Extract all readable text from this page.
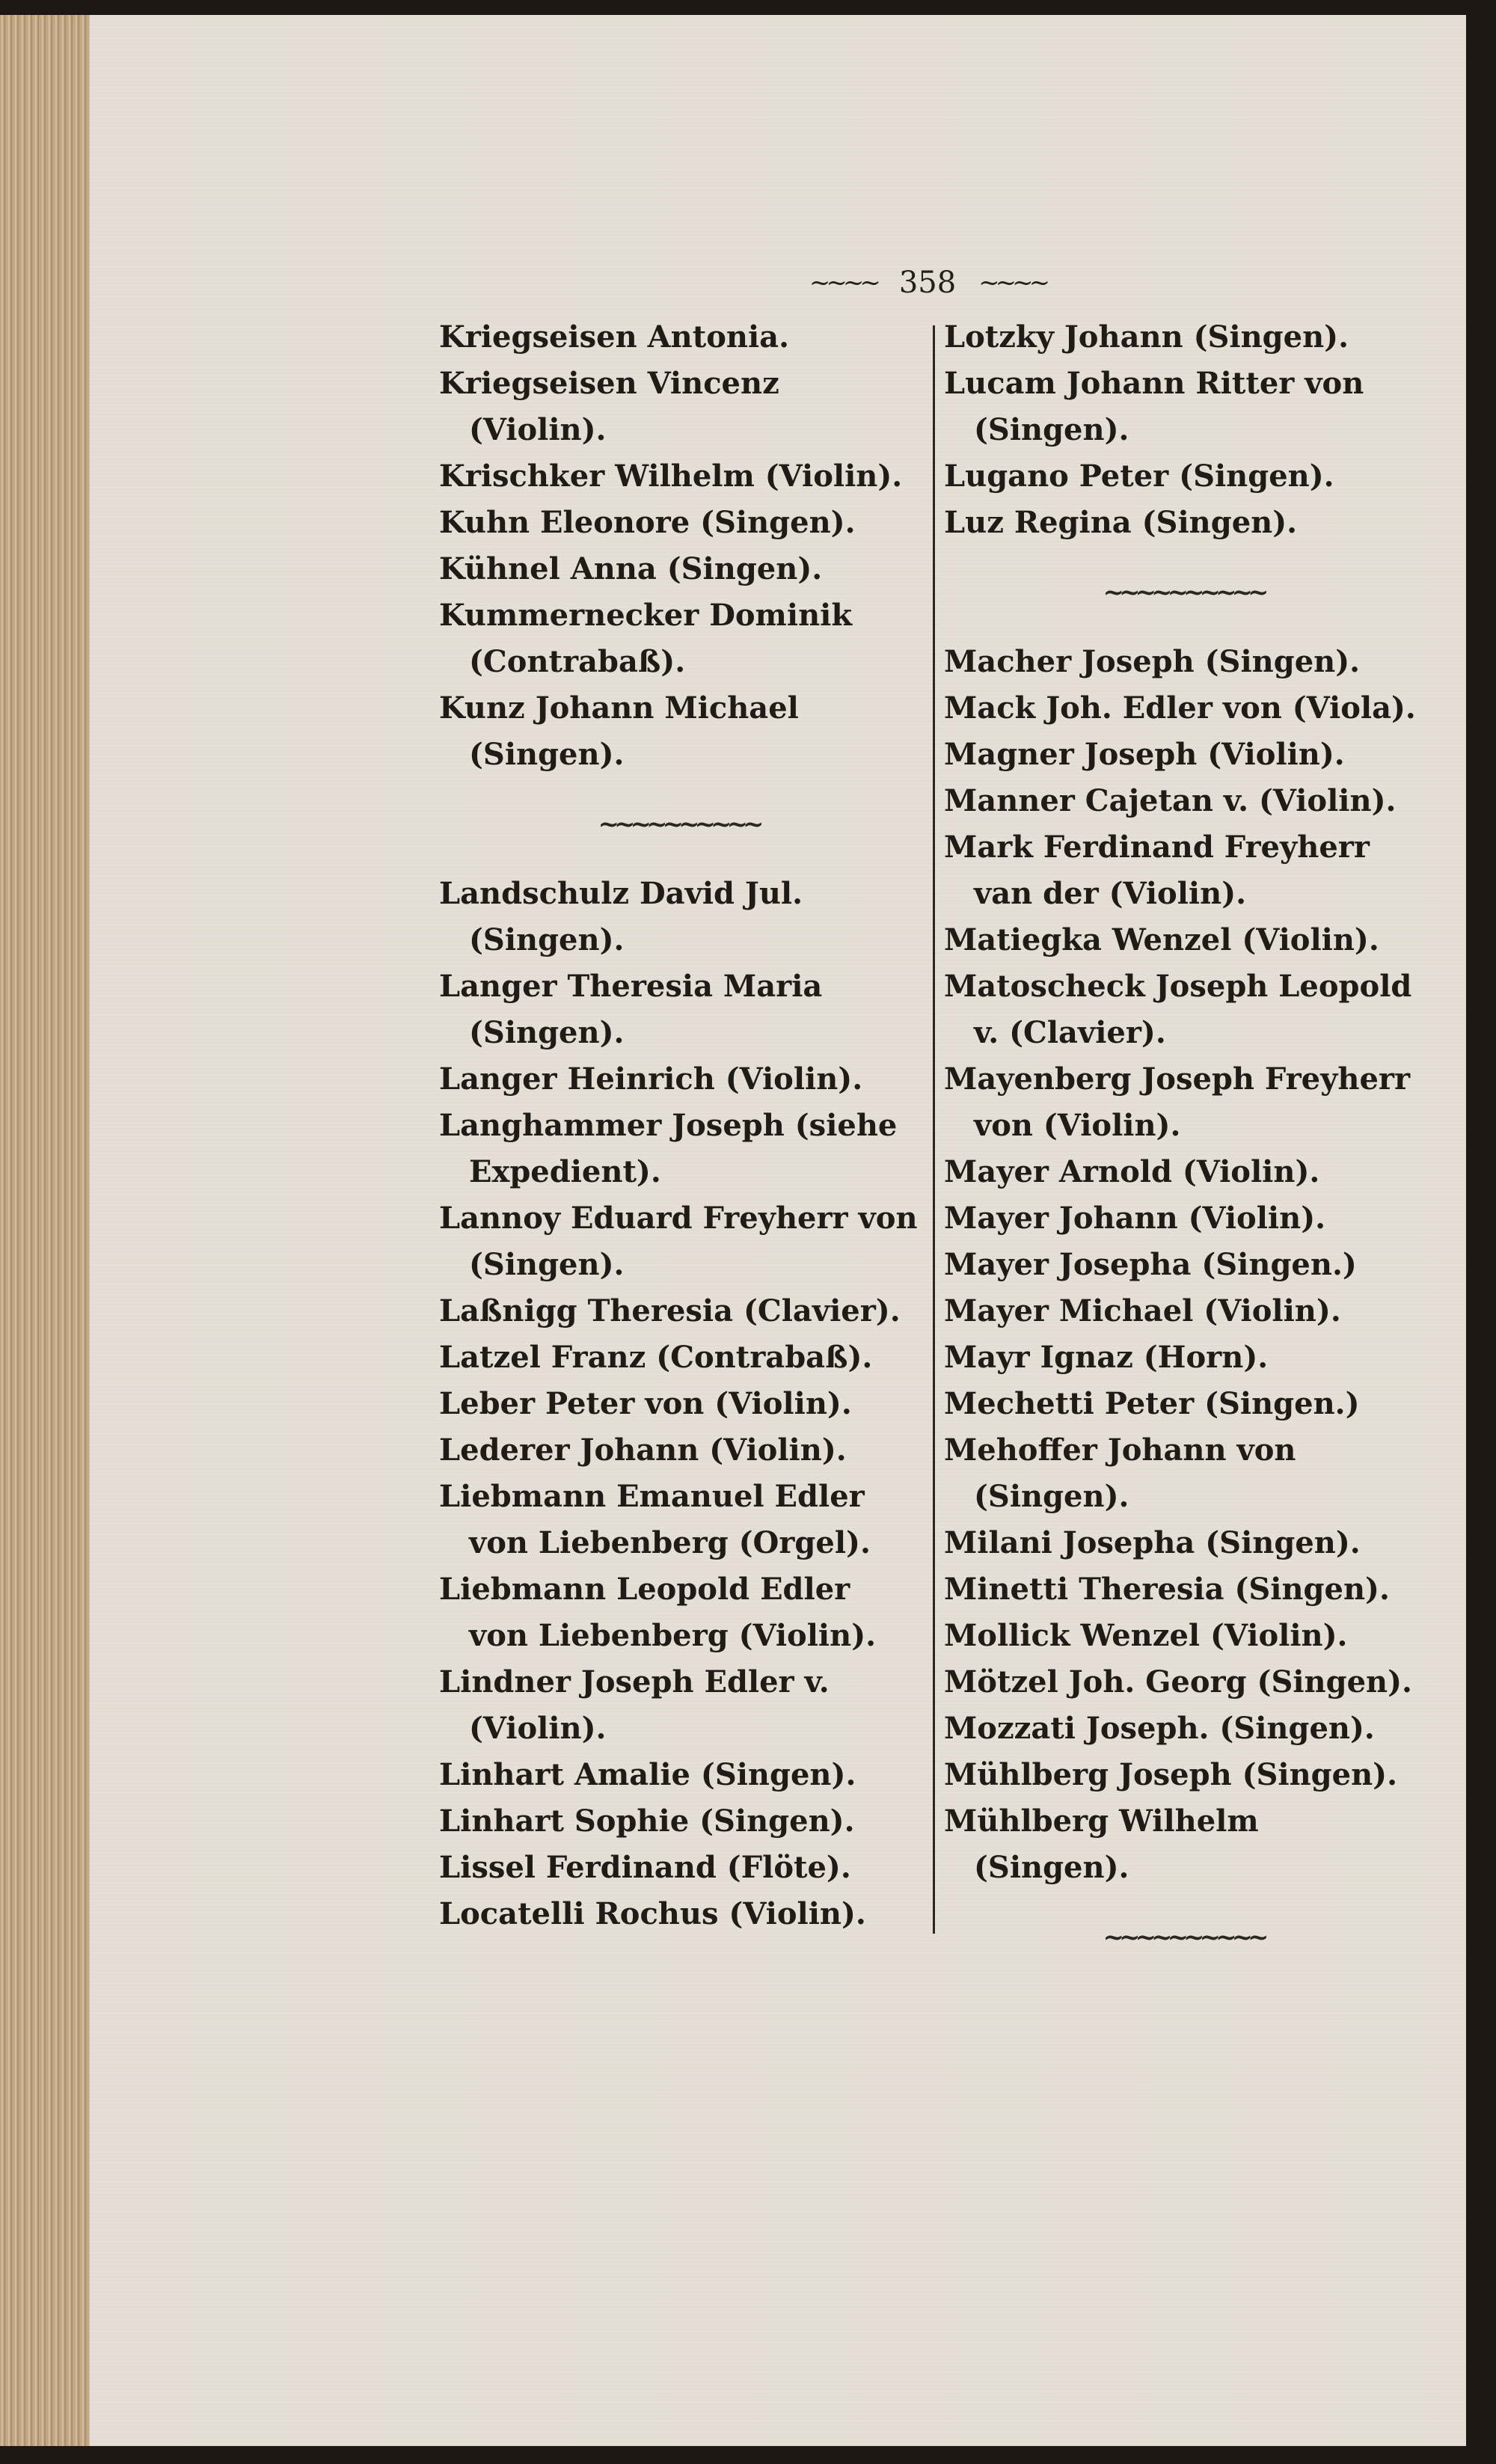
~~~~ 358 ~~~~

Kriegseisen Antonia.

Kriegseisen Vincenz (Violin).

Krischker Wilhelm (Violin).

Kuhn Eleonore (Singen).

Kühnel Anna (Singen).

Kummernecker Dominik (Contrabaß).

Kunz Johann Michael (Singen).

~~~~~~~~~~

Landschulz David Jul. (Singen).

Langer Theresia Maria (Singen).

Langer Heinrich (Violin).

Langhammer Joseph (siehe Expedient).

Lannoy Eduard Freyherr von (Singen).

Laßnigg Theresia (Clavier).

Latzel Franz (Contrabaß).

Leber Peter von (Violin).

Lederer Johann (Violin).

Liebmann Emanuel Edler von Liebenberg (Orgel).

Liebmann Leopold Edler von Liebenberg (Violin).

Lindner Joseph Edler v. (Violin).

Linhart Amalie (Singen).

Linhart Sophie (Singen).

Lissel Ferdinand (Flöte).

Locatelli Rochus (Violin).

Lotzky Johann (Singen).

Lucam Johann Ritter von (Singen).

Lugano Peter (Singen).

Luz Regina (Singen).

~~~~~~~~~~

Macher Joseph (Singen).

Mack Joh. Edler von (Viola).

Magner Joseph (Violin).

Manner Cajetan v. (Violin).

Mark Ferdinand Freyherr van der (Violin).

Matiegka Wenzel (Violin).

Matoscheck Joseph Leopold v. (Clavier).

Mayenberg Joseph Freyherr von (Violin).

Mayer Arnold (Violin).

Mayer Johann (Violin).

Mayer Josepha (Singen.)

Mayer Michael (Violin).

Mayr Ignaz (Horn).

Mechetti Peter (Singen.)

Mehoffer Johann von (Singen).

Milani Josepha (Singen).

Minetti Theresia (Singen).

Mollick Wenzel (Violin).

Mötzel Joh. Georg (Singen).

Mozzati Joseph. (Singen).

Mühlberg Joseph (Singen).

Mühlberg Wilhelm (Singen).

~~~~~~~~~~
